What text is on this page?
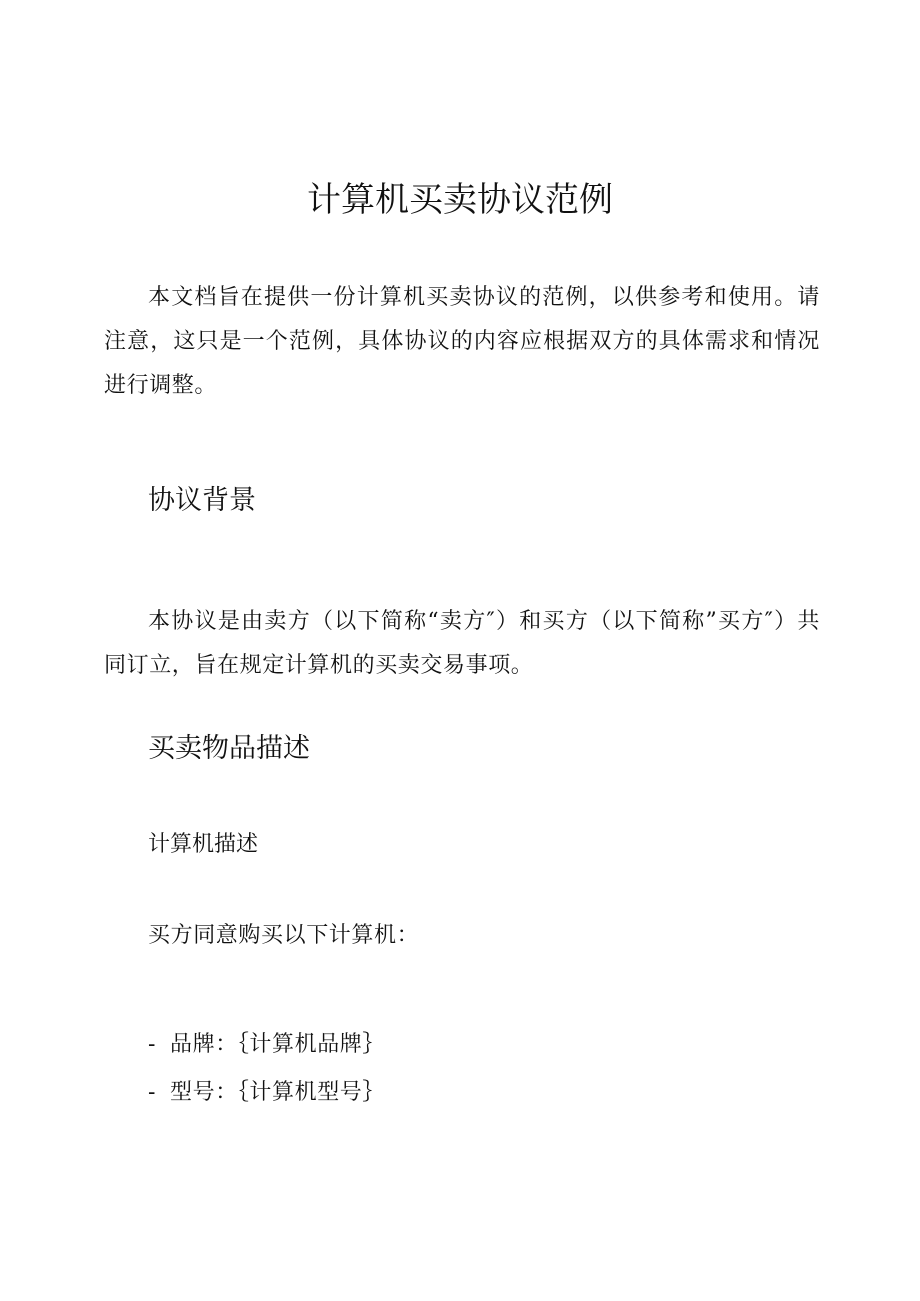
计算机买卖协议范例

本文档旨在提供一份计算机买卖协议的范例，以供参考和使用。请注意，这只是一个范例，具体协议的内容应根据双方的具体需求和情况进行调整。

协议背景

本协议是由卖方（以下简称“卖方″）和买方（以下简称”买方″）共同订立，旨在规定计算机的买卖交易事项。

买卖物品描述
计算机描述

买方同意购买以下计算机：

- 品牌：｛计算机品牌｝
- 型号：｛计算机型号｝
